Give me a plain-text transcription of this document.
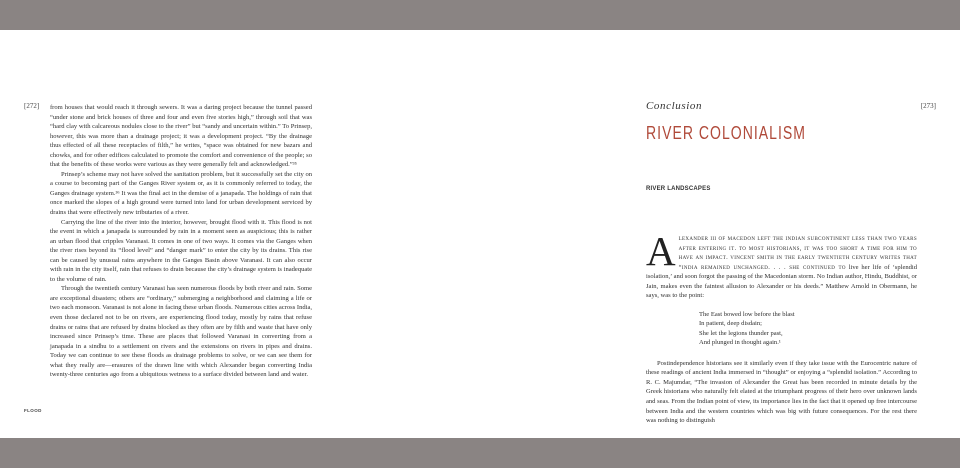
[272] from houses that would reach it through sewers. It was a daring project because the tunnel passed “under stone and brick houses of three and four and even five stories high,” through soil that was “hard clay with calcareous nodules close to the river” but “sandy and uncertain within.” To Prinsep, however, this was more than a drainage project; it was a development project. “By the drainage thus effected of all these receptacles of filth,” he writes, “space was obtained for new bazars and chowks, and for other edifices calculated to promote the comfort and convenience of the people; so that the benefits of these works were various as they were generally felt and acknowledged.”³⁵

Prinsep’s scheme may not have solved the sanitation problem, but it successfully set the city on a course to becoming part of the Ganges River system or, as it is commonly referred to today, the Ganges drainage system.³⁶ It was the final act in the demise of a janapada. The holdings of rain that once marked the slopes of a high ground were turned into land for urban development serviced by drains that were effectively new tributaries of a river.

Carrying the line of the river into the interior, however, brought flood with it. This flood is not the event in which a janapada is surrounded by rain in a moment seen as auspicious; this is rather an urban flood that cripples Varanasi. It comes in one of two ways. It comes via the Ganges when the river rises beyond its “flood level” and “danger mark” to enter the city by its drains. This rise can be caused by unusual rains anywhere in the Ganges Basin above Varanasi. It can also occur with rain in the city itself, rain that refuses to drain because the city’s drainage system is inadequate to the volume of rain.

Through the twentieth century Varanasi has seen numerous floods by both river and rain. Some are exceptional disasters; others are “ordinary,” submerging a neighborhood and claiming a life or two each monsoon. Varanasi is not alone in facing these urban floods. Numerous cities across India, even those declared not to be on rivers, are experiencing flood today, mostly by rains that refuse drains or rains that are refused by drains blocked as they often are by filth and waste that have only increased since Prinsep’s time. These are places that followed Varanasi in converting from a janapada in a sindhu to a settlement on rivers and the extensions on rivers in pipes and drains. Today we can continue to see these floods as drainage problems to solve, or we can see them for what they really are—erasures of the drawn line with which Alexander began converting India twenty-three centuries ago from a ubiquitous wetness to a surface divided between land and water.

FLOOD
[273]
Conclusion
RIVER COLONIALISM
RIVER LANDSCAPES

Alexander iii of macedon left the indian subcontinent less than two years after entering it. to most historians, it was too short a time for him to have an impact. vincent smith in the early twentieth century writes that “india remained unchanged. . . . she continued to live her life of ‘splendid isolation,’ and soon forgot the passing of the Macedonian storm. No Indian author, Hindu, Buddhist, or Jain, makes even the faintest allusion to Alexander or his deeds.” Matthew Arnold in Obermann, he says, was to the point:

The East bowed low before the blast
In patient, deep disdain;
She let the legions thunder past,
And plunged in thought again.¹

Postindependence historians see it similarly even if they take issue with the Eurocentric nature of these readings of ancient India immersed in “thought” or enjoying a “splendid isolation.” According to R. C. Majumdar, “The invasion of Alexander the Great has been recorded in minute details by the Greek historians who naturally felt elated at the triumphant progress of their hero over unknown lands and seas. From the Indian point of view, its importance lies in the fact that it opened up free intercourse between India and the western countries which was big with future consequences. For the rest there was nothing to distinguish
